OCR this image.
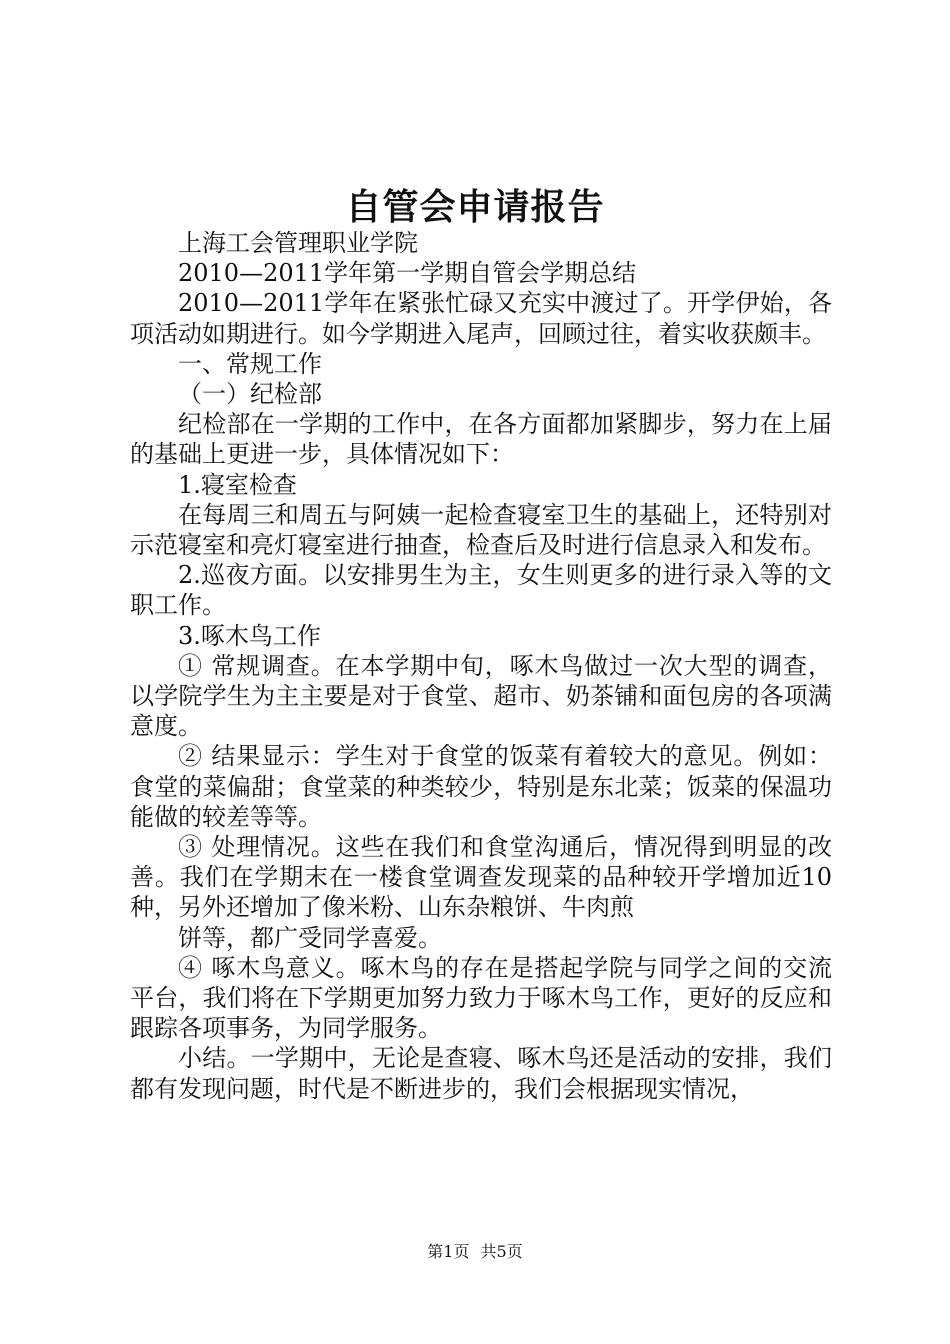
自管会申请报告

上海工会管理职业学院

2010—2011学年第一学期自管会学期总结

2010—2011学年在紧张忙碌又充实中渡过了。开学伊始，各项活动如期进行。如今学期进入尾声，回顾过往，着实收获颇丰。

一、常规工作

（一）纪检部

纪检部在一学期的工作中，在各方面都加紧脚步，努力在上届的基础上更进一步，具体情况如下：

1.寝室检查

在每周三和周五与阿姨一起检查寝室卫生的基础上，还特别对示范寝室和亮灯寝室进行抽查，检查后及时进行信息录入和发布。

2.巡夜方面。以安排男生为主，女生则更多的进行录入等的文职工作。

3.啄木鸟工作

① 常规调查。在本学期中旬，啄木鸟做过一次大型的调查，以学院学生为主主要是对于食堂、超市、奶茶铺和面包房的各项满意度。

② 结果显示：学生对于食堂的饭菜有着较大的意见。例如：食堂的菜偏甜；食堂菜的种类较少，特别是东北菜；饭菜的保温功能做的较差等等。

③ 处理情况。这些在我们和食堂沟通后，情况得到明显的改善。我们在学期末在一楼食堂调查发现菜的品种较开学增加近10种，另外还增加了像米粉、山东杂粮饼、牛肉煎

饼等，都广受同学喜爱。

④ 啄木鸟意义。啄木鸟的存在是搭起学院与同学之间的交流平台，我们将在下学期更加努力致力于啄木鸟工作，更好的反应和跟踪各项事务，为同学服务。

小结。一学期中，无论是查寝、啄木鸟还是活动的安排，我们都有发现问题，时代是不断进步的，我们会根据现实情况，

第1页 共5页
